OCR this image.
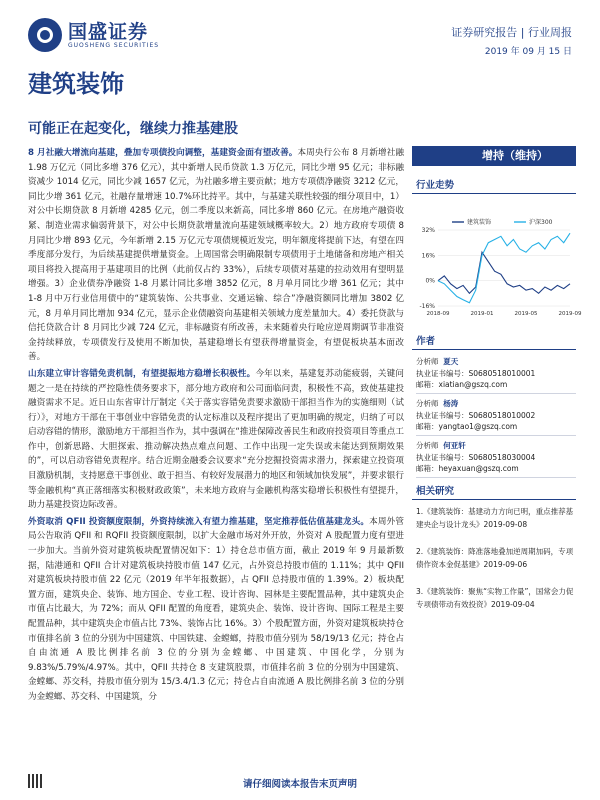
国盛证券
GUOSHENG SECURITIES
证券研究报告 | 行业周报
2019 年 09 月 15 日
建筑装饰
可能正在起变化，继续力推基建股

8 月社融大增流向基建，叠加专项债投向调整，基建资金面有望改善。本周央行公布 8 月新增社融 1.98 万亿元（同比多增 376 亿元），其中新增人民币贷款 1.3 万亿元，同比少增 95 亿元；非标融资减少 1014 亿元，同比少减 1657 亿元，为社融多增主要贡献；地方专项债净融资 3212 亿元，同比少增 361 亿元，社融存量增速 10.7%环比持平。其中，与基建关联性较强的细分项目中，1）对公中长期贷款 8 月新增 4285 亿元，创二季度以来新高，同比多增 860 亿元。在房地产融资收紧、制造业需求偏弱背景下，对公中长期贷款增量流向基建领域概率较大。2）地方政府专项债 8 月同比少增 893 亿元，今年新增 2.15 万亿元专项债规模近发完，明年额度将提前下达，有望在四季度部分发行，为后续基建提供增量资金。上周国常会明确限制专项债用于土地储备和房地产相关项目将投入提高用于基建项目的比例（此前仅占约 33%），后续专项债对基建的拉动效用有望明显增强。3）企业债券净融资 1-8 月累计同比多增 3852 亿元，8 月单月同比少增 361 亿元；其中 1-8 月中万行业信用债中的“建筑装饰、公共事业、交通运输、综合”净融资额同比增加 3802 亿元，8 月单月同比增加 934 亿元，显示企业债融资向基建相关领域力度差量加大。4）委托贷款与信托贷款合计 8 月同比少减 724 亿元，非标融资有所改善，未来随着央行呛应逆周期调节非准资金持续释放，专项债发行及使用不断加快，基建稳增长有望获得增量资金，有望促板块基本面改善。

山东建立审计容错免责机制，有望提振地方稳增长积极性。今年以来，基建复苏动能疲弱，关键问题之一是在持续的严控隐性债务要求下，部分地方政府和公司面临问责，积极性不高，致使基建投融资需求不足。近日山东省审计厅制定《关于落实容错免责要求激励干部担当作为的实施细则（试行）》，对地方干部在干事创业中容错免责的认定标准以及程序提出了更加明确的规定，归纳了可以启动容错的情形，激励地方干部担当作为，其中强调在“推进保障改善民生和政府投资项目等重点工作中，创新思路、大胆探索、推动解决热点难点问题、工作中出现一定失误或未能达到预期效果的”，可以启动容错免责程序。结合近期金融委会议要求“充分挖掘投资需求潜力，探索建立投资项目激励机制，支持愿意干事创业、敢于担当、有较好发展潜力的地区和领域加快发展”，并要求银行等金融机构“真正落细落实积极财政政策”，未来地方政府与金融机构落实稳增长积极性有望提升，助力基建投资边际改善。

外资取消 QFII 投资额度限制，外资持续流入有望力推基建，坚定推荐低估值基建龙头。本周外管局公告取消 QFII 和 RQFII 投资额度限制，以扩大金融市场对外开放，外资对 A 股配置力度有望进一步加大。当前外资对建筑板块配置情况如下：1）持仓总市值方面，截止 2019 年 9 月最新数据，陆港通和 QFII 合计对建筑板块持股市值 147 亿元，占外资总持股市值的 1.11%；其中 QFII 对建筑板块持股市值 22 亿元（2019 年半年报数据），占 QFII 总持股市值的 1.39%。2）板块配置方面，建筑央企、装饰、地方国企、专业工程、设计咨询、园林是主要配置品种，其中建筑央企市值占比最大，为 72%；而从 QFII 配置的角度看，建筑央企、装饰、设计咨询、国际工程是主要配置品种，其中建筑央企市值占比 73%、装饰占比 16%。3）个股配置方面，外资对建筑板块持仓市值排名前 3 位的分别为中国建筑、中国铁建、金螳螂，持股市值分别为 58/19/13 亿元；持仓占自由流通 A 股比例排名前 3 位的分别为金螳螂、中国建筑、中国化学，分别为 9.83%/5.79%/4.97%。其中，QFII 共持仓 8 支建筑股票，市值排名前 3 位的分别为中国建筑、金螳螂、苏交科，持股市值分别为 15/3.4/1.3 亿元；持仓占自由流通 A 股比例排名前 3 位的分别为金螳螂、苏交科、中国建筑，分

增持（维持）
行业走势
32%
16%
0%
-16%
2018-09	2019-01	2019-05	2019-09
建筑装饰	沪深300
作者
分析师 夏天
执业证书编号：S0680518010001
邮箱：xiatian@gszq.com
分析师 杨涛
执业证书编号：S0680518010002
邮箱：yangtao1@gszq.com
分析师 何亚轩
执业证书编号：S0680518030004
邮箱：heyaxuan@gszq.com
相关研究
1.《建筑装饰：基建动力方向已明，重点推荐基建央企与设计龙头》2019-09-08
2.《建筑装饰：降准落地叠加逆周期加码，专项债作资本金促基建》2019-09-06
3.《建筑装饰：聚焦“实物工作量”，国常会力促专项债带动有效投资》2019-09-04
请仔细阅读本报告末页声明
